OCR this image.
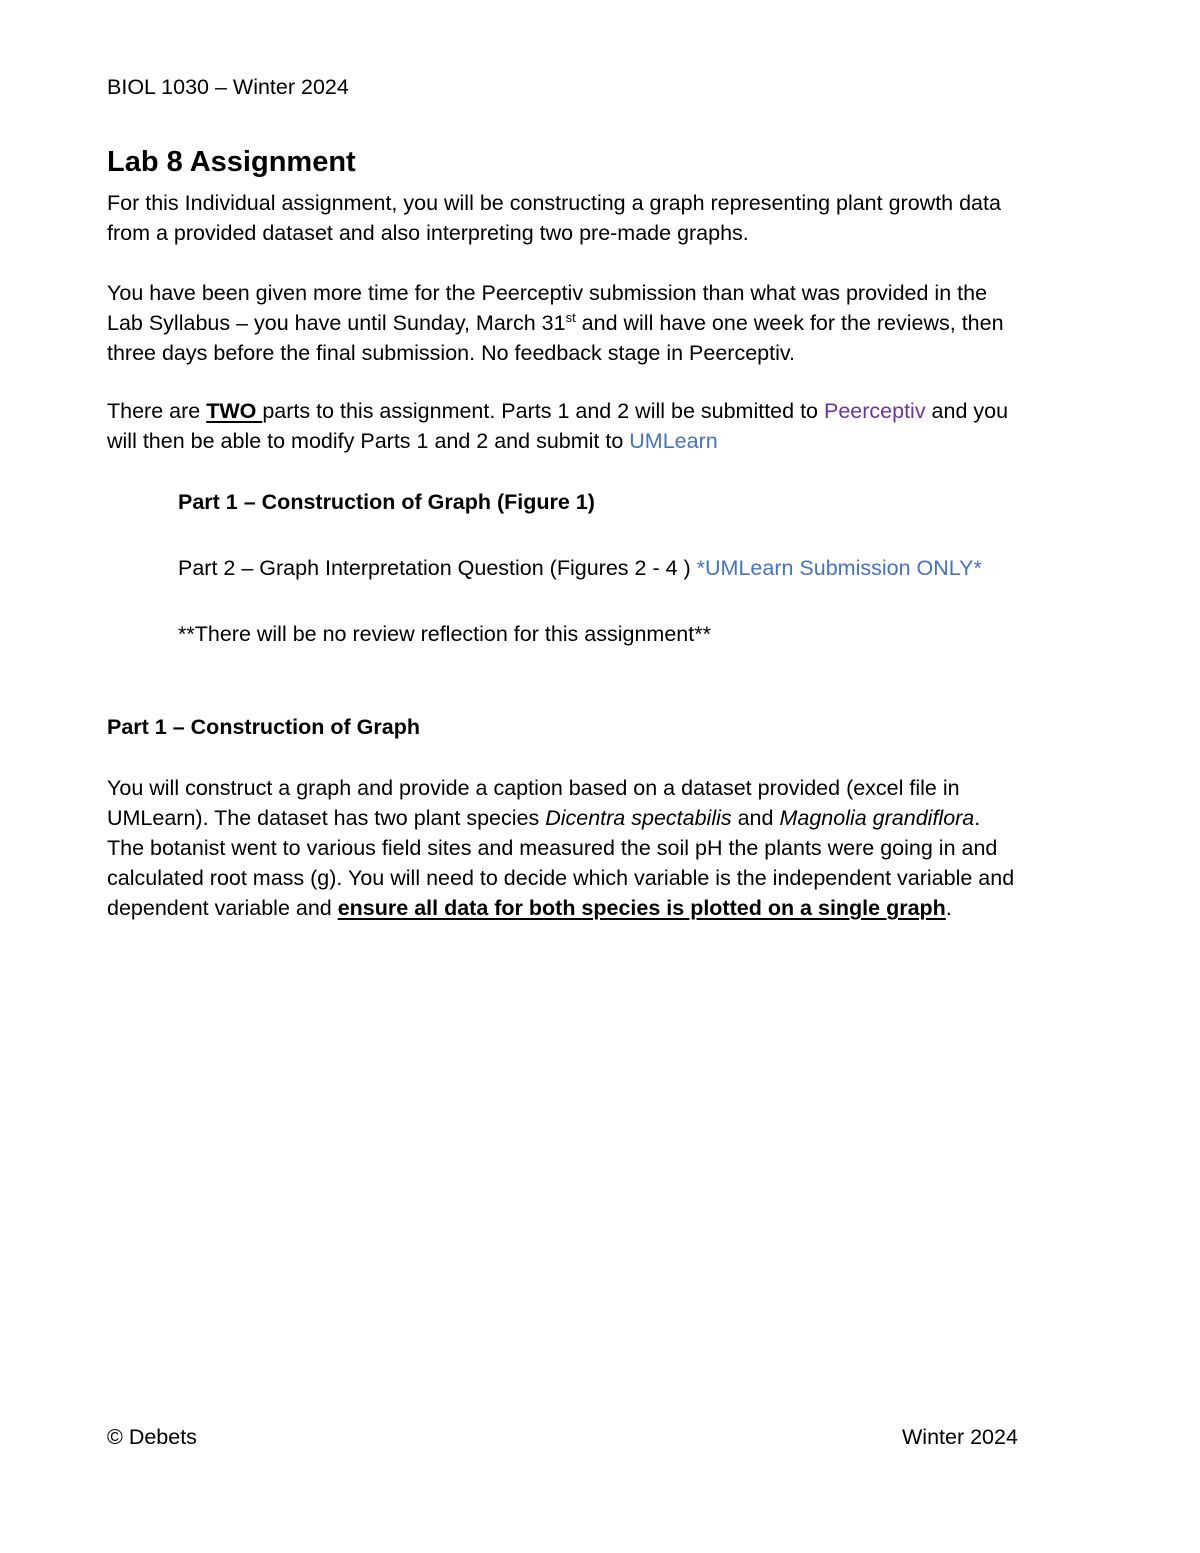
BIOL 1030 – Winter 2024
Lab 8 Assignment
For this Individual assignment, you will be constructing a graph representing plant growth data
from a provided dataset and also interpreting two pre-made graphs.
You have been given more time for the Peerceptiv submission than what was provided in the
Lab Syllabus – you have until Sunday, March 31st and will have one week for the reviews, then
three days before the final submission. No feedback stage in Peerceptiv.
There are TWO parts to this assignment. Parts 1 and 2 will be submitted to Peerceptiv and you
will then be able to modify Parts 1 and 2 and submit to UMLearn
Part 1 – Construction of Graph (Figure 1)
Part 2 – Graph Interpretation Question (Figures 2 - 4 ) *UMLearn Submission ONLY*
**There will be no review reflection for this assignment**
Part 1 – Construction of Graph
You will construct a graph and provide a caption based on a dataset provided (excel file in
UMLearn). The dataset has two plant species Dicentra spectabilis and Magnolia grandiflora.
The botanist went to various field sites and measured the soil pH the plants were going in and
calculated root mass (g). You will need to decide which variable is the independent variable and
dependent variable and ensure all data for both species is plotted on a single graph.
© Debets	Winter 2024
